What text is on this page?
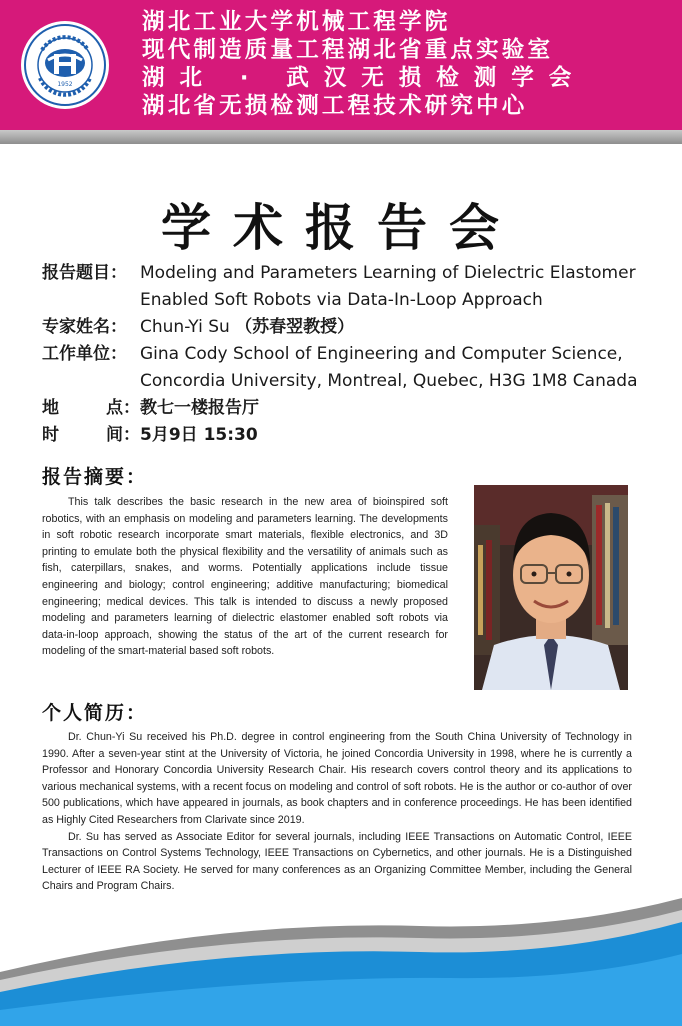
1952
湖北工业大学机械工程学院
现代制造质量工程湖北省重点实验室
湖北 · 武汉无损检测学会
湖北省无损检测工程技术研究中心
学术报告会
报告题目： Modeling and Parameters Learning of Dielectric Elastomer
Enabled Soft Robots via Data-In-Loop Approach
专家姓名： Chun-Yi Su （苏春翌教授）
工作单位： Gina Cody School of Engineering and Computer Science,
Concordia University, Montreal, Quebec, H3G 1M8 Canada
地	点： 教七一楼报告厅
时	间： 5月9日 15:30
报告摘要：

This talk describes the basic research in the new area of bioinspired soft robotics, with an emphasis on modeling and parameters learning. The developments in soft robotic research incorporate smart materials, flexible electronics, and 3D printing to emulate both the physical flexibility and the versatility of animals such as fish, caterpillars, snakes, and worms. Potentially applications include tissue engineering and biology; control engineering; additive manufacturing; biomedical engineering; medical devices. This talk is intended to discuss a newly proposed modeling and parameters learning of dielectric elastomer enabled soft robots via data-in-loop approach, showing the status of the art of the current research for modeling of the smart-material based soft robots.

个人简历：
Dr. Chun-Yi Su received his Ph.D. degree in control engineering from the South China University of Technology in 1990. After a seven-year stint at the University of Victoria, he joined Concordia University in 1998, where he is currently a Professor and Honorary Concordia University Research Chair. His research covers control theory and its applications to various mechanical systems, with a recent focus on modeling and control of soft robots. He is the author or co-author of over 500 publications, which have appeared in journals, as book chapters and in conference proceedings. He has been identified as Highly Cited Researchers from Clarivate since 2019.
Dr. Su has served as Associate Editor for several journals, including IEEE Transactions on Automatic Control, IEEE Transactions on Control Systems Technology, IEEE Transactions on Cybernetics, and other journals. He is a Distinguished Lecturer of IEEE RA Society. He served for many conferences as an Organizing Committee Member, including the General Chairs and Program Chairs.
